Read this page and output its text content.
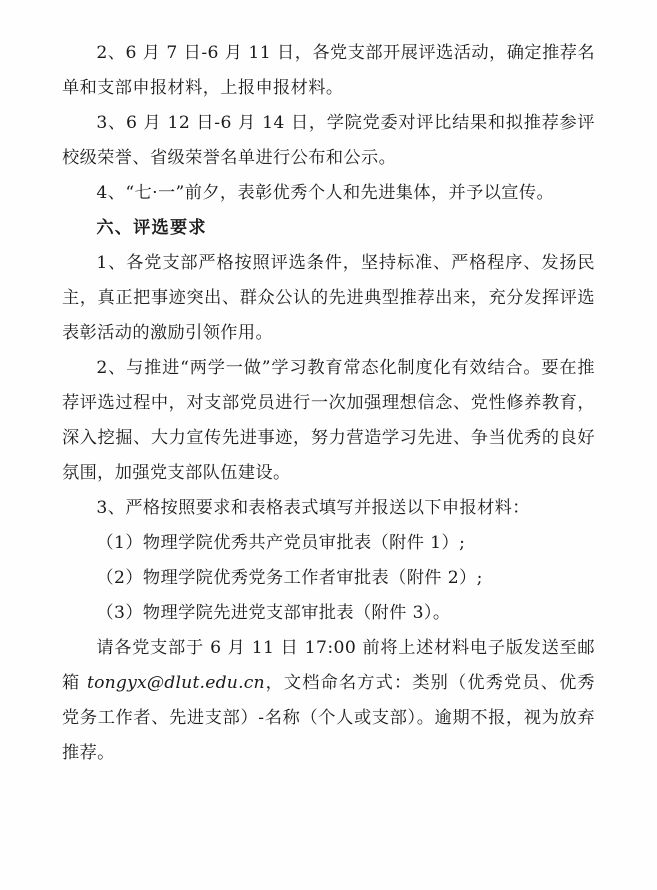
2、6 月 7 日-6 月 11 日，各党支部开展评选活动，确定推荐名单和支部申报材料，上报申报材料。

3、6 月 12 日-6 月 14 日，学院党委对评比结果和拟推荐参评校级荣誉、省级荣誉名单进行公布和公示。

4、“七·一”前夕，表彰优秀个人和先进集体，并予以宣传。

六、评选要求

1、各党支部严格按照评选条件，坚持标准、严格程序、发扬民主，真正把事迹突出、群众公认的先进典型推荐出来，充分发挥评选表彰活动的激励引领作用。

2、与推进“两学一做”学习教育常态化制度化有效结合。要在推荐评选过程中，对支部党员进行一次加强理想信念、党性修养教育，深入挖掘、大力宣传先进事迹，努力营造学习先进、争当优秀的良好氛围，加强党支部队伍建设。

3、严格按照要求和表格表式填写并报送以下申报材料：

（1）物理学院优秀共产党员审批表（附件 1）;

（2）物理学院优秀党务工作者审批表（附件 2）;

（3）物理学院先进党支部审批表（附件 3）。

请各党支部于 6 月 11 日 17:00 前将上述材料电子版发送至邮箱 tongyx@dlut.edu.cn，文档命名方式：类别（优秀党员、优秀党务工作者、先进支部）-名称（个人或支部）。逾期不报，视为放弃推荐。
